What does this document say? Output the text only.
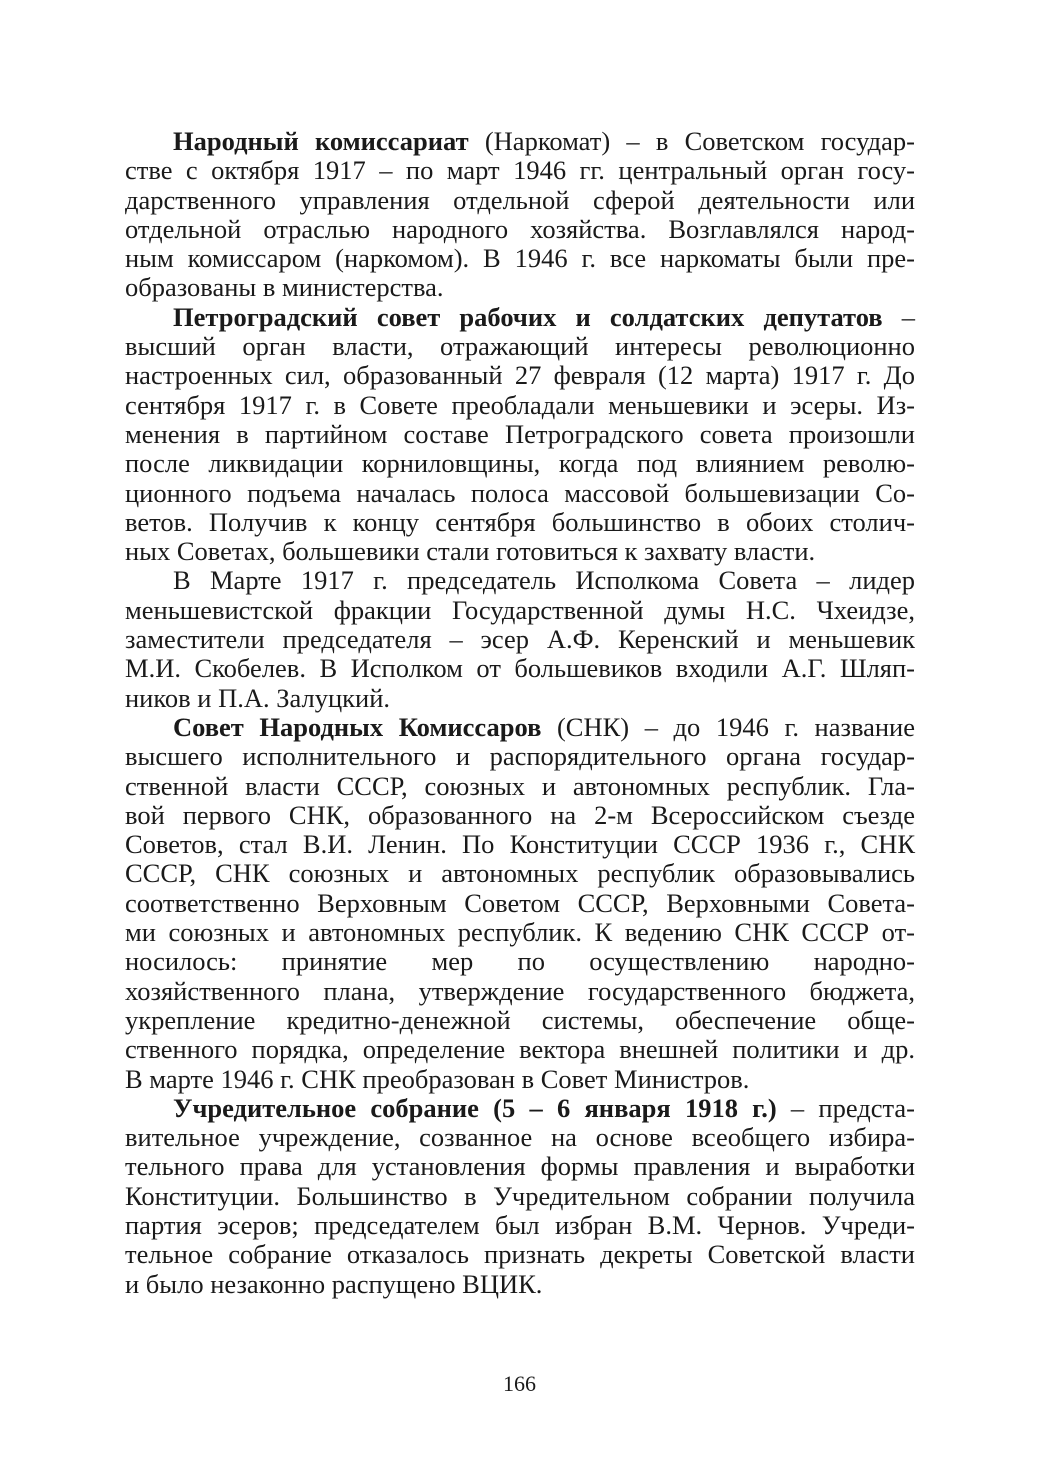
Народный комиссариат (Наркомат) – в Советском государ-
стве с октября 1917 – по март 1946 гг. центральный орган госу-
дарственного управления отдельной сферой деятельности или
отдельной отраслью народного хозяйства. Возглавлялся народ-
ным комиссаром (наркомом). В 1946 г. все наркоматы были пре-
образованы в министерства.
Петроградский совет рабочих и солдатских депутатов –
высший орган власти, отражающий интересы революционно
настроенных сил, образованный 27 февраля (12 марта) 1917 г. До
сентября 1917 г. в Совете преобладали меньшевики и эсеры. Из-
менения в партийном составе Петроградского совета произошли
после ликвидации корниловщины, когда под влиянием револю-
ционного подъема началась полоса массовой большевизации Со-
ветов. Получив к концу сентября большинство в обоих столич-
ных Советах, большевики стали готовиться к захвату власти.
В Марте 1917 г. председатель Исполкома Совета – лидер
меньшевистской фракции Государственной думы Н.С. Чхеидзе,
заместители председателя – эсер А.Ф. Керенский и меньшевик
М.И. Скобелев. В Исполком от большевиков входили А.Г. Шляп-
ников и П.А. Залуцкий.
Совет Народных Комиссаров (СНК) – до 1946 г. название
высшего исполнительного и распорядительного органа государ-
ственной власти СССР, союзных и автономных республик. Гла-
вой первого СНК, образованного на 2-м Всероссийском съезде
Советов, стал В.И. Ленин. По Конституции СССР 1936 г., СНК
СССР, СНК союзных и автономных республик образовывались
соответственно Верховным Советом СССР, Верховными Совета-
ми союзных и автономных республик. К ведению СНК СССР от-
носилось: принятие мер по осуществлению народно-
хозяйственного плана, утверждение государственного бюджета,
укрепление кредитно-денежной системы, обеспечение обще-
ственного порядка, определение вектора внешней политики и др.
В марте 1946 г. СНК преобразован в Совет Министров.
Учредительное собрание (5 – 6 января 1918 г.) – предста-
вительное учреждение, созванное на основе всеобщего избира-
тельного права для установления формы правления и выработки
Конституции. Большинство в Учредительном собрании получила
партия эсеров; председателем был избран В.М. Чернов. Учреди-
тельное собрание отказалось признать декреты Советской власти
и было незаконно распущено ВЦИК.
166
